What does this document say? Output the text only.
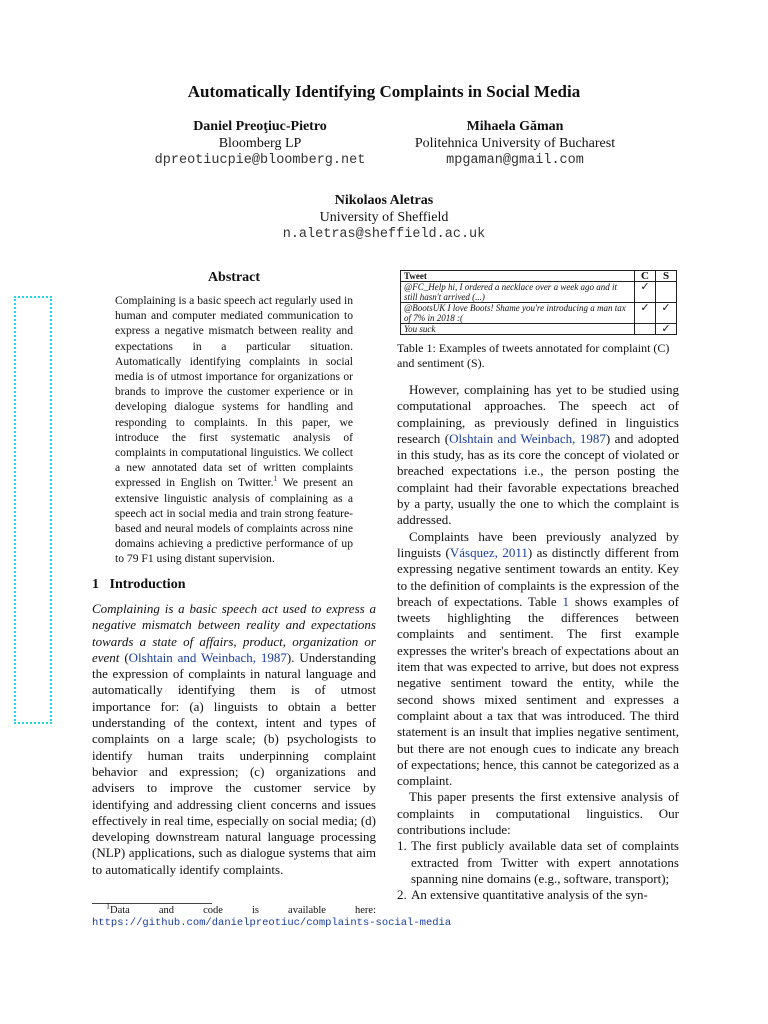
Automatically Identifying Complaints in Social Media
Daniel Preoţiuc-Pietro
Bloomberg LP
dpreotiucpie@bloomberg.net
Mihaela Găman
Politehnica University of Bucharest
mpgaman@gmail.com
Nikolaos Aletras
University of Sheffield
n.aletras@sheffield.ac.uk
Abstract
Complaining is a basic speech act regularly used in human and computer mediated communication to express a negative mismatch between reality and expectations in a particular situation. Automatically identifying complaints in social media is of utmost importance for organizations or brands to improve the customer experience or in developing dialogue systems for handling and responding to complaints. In this paper, we introduce the first systematic analysis of complaints in computational linguistics. We collect a new annotated data set of written complaints expressed in English on Twitter.$^1$ We present an extensive linguistic analysis of complaining as a speech act in social media and train strong feature-based and neural models of complaints across nine domains achieving a predictive performance of up to 79 F1 using distant supervision.
1 Introduction
Complaining is a basic speech act used to express a negative mismatch between reality and expectations towards a state of affairs, product, organization or event (Olshtain and Weinbach, 1987). Understanding the expression of complaints in natural language and automatically identifying them is of utmost importance for: (a) linguists to obtain a better understanding of the context, intent and types of complaints on a large scale; (b) psychologists to identify human traits underpinning complaint behavior and expression; (c) organizations and advisers to improve the customer service by identifying and addressing client concerns and issues effectively in real time, especially on social media; (d) developing downstream natural language processing (NLP) applications, such as dialogue systems that aim to automatically identify complaints.
$^1$Data and code is available here:
https://github.com/danielpreotiuc/complaints-social-media
Tweet	C	S
@FC_Help hi, I ordered a necklace over a week ago and it still hasn't arrived (...)	✓	
@BootsUK I love Boots! Shame you're introducing a man tax of 7% in 2018 :(	✓	✓
You suck		✓
Table 1: Examples of tweets annotated for complaint (C) and sentiment (S).

However, complaining has yet to be studied using computational approaches. The speech act of complaining, as previously defined in linguistics research (Olshtain and Weinbach, 1987) and adopted in this study, has as its core the concept of violated or breached expectations i.e., the person posting the complaint had their favorable expectations breached by a party, usually the one to which the complaint is addressed.

Complaints have been previously analyzed by linguists (Vásquez, 2011) as distinctly different from expressing negative sentiment towards an entity. Key to the definition of complaints is the expression of the breach of expectations. Table 1 shows examples of tweets highlighting the differences between complaints and sentiment. The first example expresses the writer's breach of expectations about an item that was expected to arrive, but does not express negative sentiment toward the entity, while the second shows mixed sentiment and expresses a complaint about a tax that was introduced. The third statement is an insult that implies negative sentiment, but there are not enough cues to indicate any breach of expectations; hence, this cannot be categorized as a complaint.

This paper presents the first extensive analysis of complaints in computational linguistics. Our contributions include:

1. The first publicly available data set of complaints extracted from Twitter with expert annotations spanning nine domains (e.g., software, transport);
2. An extensive quantitative analysis of the syn-
